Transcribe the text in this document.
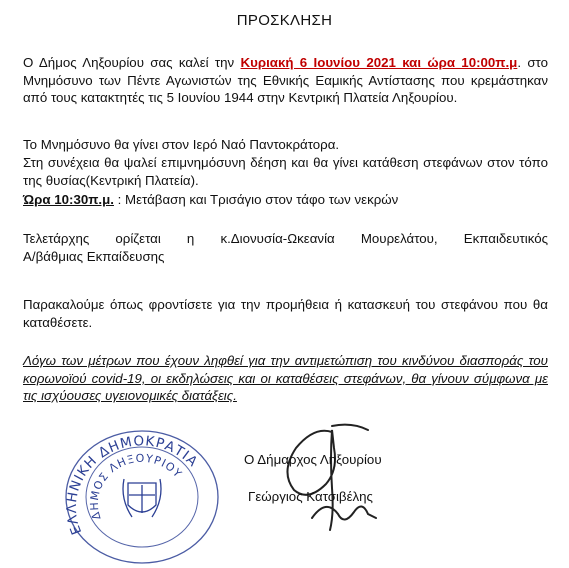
ΠΡΟΣΚΛΗΣΗ
Ο Δήμος Ληξουρίου σας καλεί την Κυριακή 6 Ιουνίου 2021 και ώρα 10:00π.μ. στο Μνημόσυνο των Πέντε Αγωνιστών της Εθνικής Εαμικής Αντίστασης που κρεμάστηκαν από τους κατακτητές τις 5 Ιουνίου 1944 στην Κεντρική Πλατεία Ληξουρίου.
Το Μνημόσυνο θα γίνει στον Ιερό Ναό Παντοκράτορα.
Στη συνέχεια θα ψαλεί επιμνημόσυνη δέηση και θα γίνει κατάθεση στεφάνων στον τόπο της θυσίας(Κεντρική Πλατεία).
Ώρα 10:30π.μ. : Μετάβαση και Τρισάγιο στον τάφο των νεκρών
Τελετάρχης ορίζεται η κ.Διονυσία-Ωκεανία Μουρελάτου, Εκπαιδευτικός
Α/βάθμιας Εκπαίδευσης
Παρακαλούμε όπως φροντίσετε για την προμήθεια ή κατασκευή του στεφάνου που θα καταθέσετε.
Λόγω των μέτρων που έχουν ληφθεί για την αντιμετώπιση του κινδύνου διασποράς του κορωνοϊού covid-19, οι εκδηλώσεις και οι καταθέσεις στεφάνων, θα γίνουν σύμφωνα με τις ισχύουσες υγειονομικές διατάξεις.
ΕΛΛΗΝΙΚΗ ΔΗΜΟΚΡΑΤΙΑ
ΔΗΜΟΣ ΛΗΞΟΥΡΙΟΥ
Ο Δήμαρχος Ληξουρίου
Γεώργιος Κατσιβέλης
